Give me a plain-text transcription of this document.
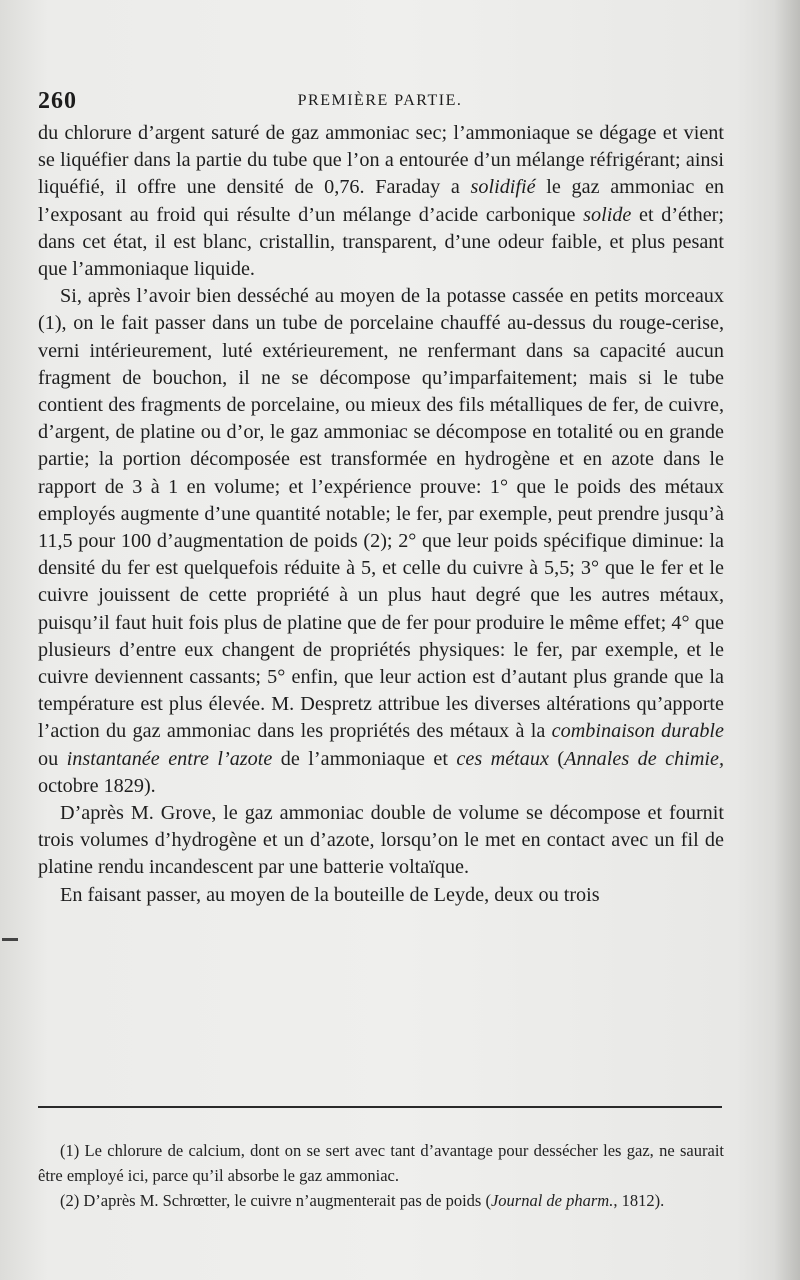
260	PREMIÈRE PARTIE.

du chlorure d’argent saturé de gaz ammoniac sec; l’ammoniaque se dégage et vient se liquéfier dans la partie du tube que l’on a entourée d’un mélange réfrigérant; ainsi liquéfié, il offre une densité de 0,76. Faraday a solidifié le gaz ammoniac en l’exposant au froid qui résulte d’un mélange d’acide carbonique solide et d’éther; dans cet état, il est blanc, cristallin, transparent, d’une odeur faible, et plus pesant que l’ammoniaque liquide.

Si, après l’avoir bien desséché au moyen de la potasse cassée en petits morceaux (1), on le fait passer dans un tube de porcelaine chauffé au-dessus du rouge-cerise, verni intérieurement, luté extérieurement, ne renfermant dans sa capacité aucun fragment de bouchon, il ne se décompose qu’imparfaitement; mais si le tube contient des fragments de porcelaine, ou mieux des fils métalliques de fer, de cuivre, d’argent, de platine ou d’or, le gaz ammoniac se décompose en totalité ou en grande partie; la portion décomposée est transformée en hydrogène et en azote dans le rapport de 3 à 1 en volume; et l’expérience prouve: 1° que le poids des métaux employés augmente d’une quantité notable; le fer, par exemple, peut prendre jusqu’à 11,5 pour 100 d’augmentation de poids (2); 2° que leur poids spécifique diminue: la densité du fer est quelquefois réduite à 5, et celle du cuivre à 5,5; 3° que le fer et le cuivre jouissent de cette propriété à un plus haut degré que les autres métaux, puisqu’il faut huit fois plus de platine que de fer pour produire le même effet; 4° que plusieurs d’entre eux changent de propriétés physiques: le fer, par exemple, et le cuivre deviennent cassants; 5° enfin, que leur action est d’autant plus grande que la température est plus élevée. M. Despretz attribue les diverses altérations qu’apporte l’action du gaz ammoniac dans les propriétés des métaux à la combinaison durable ou instantanée entre l’azote de l’ammoniaque et ces métaux (Annales de chimie, octobre 1829).

D’après M. Grove, le gaz ammoniac double de volume se décompose et fournit trois volumes d’hydrogène et un d’azote, lorsqu’on le met en contact avec un fil de platine rendu incandescent par une batterie voltaïque.

En faisant passer, au moyen de la bouteille de Leyde, deux ou trois

(1) Le chlorure de calcium, dont on se sert avec tant d’avantage pour dessécher les gaz, ne saurait être employé ici, parce qu’il absorbe le gaz ammoniac.

(2) D’après M. Schrœtter, le cuivre n’augmenterait pas de poids (Journal de pharm., 1812).
